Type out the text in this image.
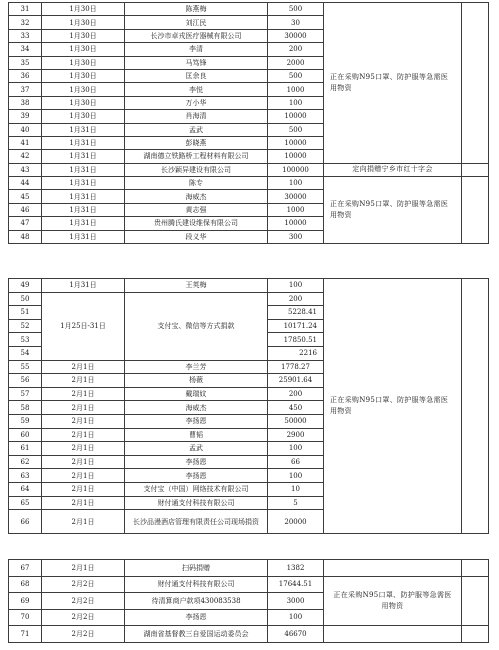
31	1月30日	陈燕梅	500	正在采购N95口罩、防护服等急需医用物资	
32	1月30日	刘江民	30		
33	1月30日	长沙市卓戎医疗器械有限公司	30000		
34	1月30日	李清	200		
35	1月30日	马笃锋	2000		
36	1月30日	匡余良	500		
37	1月30日	李悦	1000		
38	1月30日	万小华	100		
39	1月30日	肖海清	10000		
40	1月31日	孟武	500		
41	1月31日	彭晓燕	10000		
42	1月31日	湖南德立铁路桥工程材料有限公司	10000		
43	1月31日	长沙颖异建设有限公司	100000	定向捐赠宁乡市红十字会	
44	1月31日	陈专	100	正在采购N95口罩、防护服等急需医用物资	
45	1月31日	海威杰	30000		
46	1月31日	黄志强	1000		
47	1月31日	贵州腾氏建设维保有限公司	10000		
48	1月31日	段义华	300		
49	1月31日	王英梅	100	正在采购N95口罩、防护服等急需医用物资	
50	1月25日-31日	支付宝、微信等方式捐款	200		
51			5228.41		
52			10171.24		
53			17850.51		
54			2216		
55	2月1日	李兰芳	1778.27		
56	2月1日	杨薇	25901.64		
57	2月1日	戴瑞妏	200		
58	2月1日	海威杰	450		
59	2月1日	李扬恩	50000		
60	2月1日	曹韬	2900		
61	2月1日	孟武	100		
62	2月1日	李扬恩	66		
63	2月1日	李扬恩	100		
64	2月1日	支付宝（中国）网络技术有限公司	10		
65	2月1日	财付通支付科技有限公司	5		
66	2月1日	长沙品漫酒店管理有限责任公司现场捐资	20000		
67	2月1日	扫码捐赠	1382		
68	2月2日	财付通支付科技有限公司	17644.51	正在采购N95口罩、防护服等急需医用物资	
69	2月2日	待清算商户款项430083538	3000		
70	2月2日	李扬恩	100		
71	2月2日	湖南省基督教三自爱国运动委员会	46670		
